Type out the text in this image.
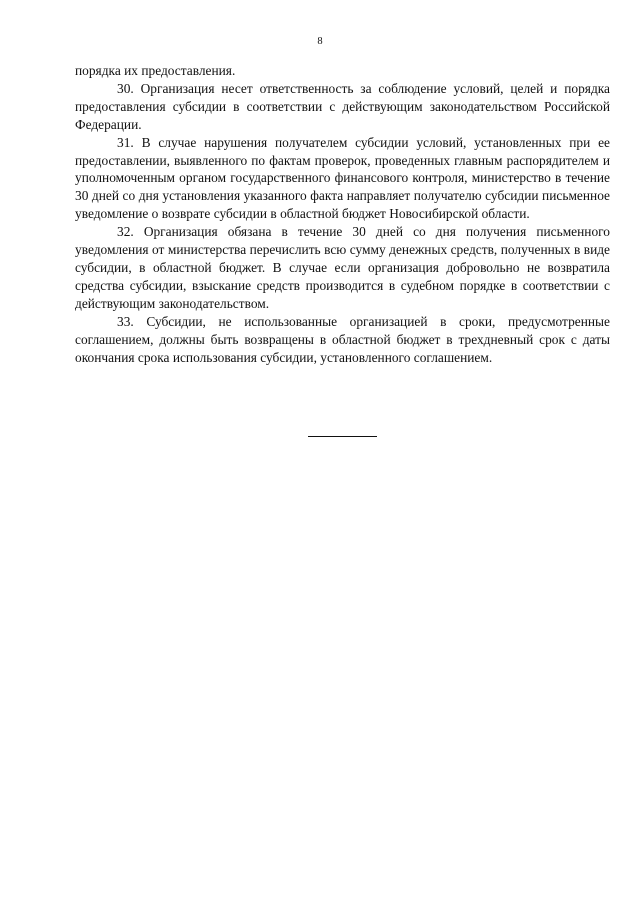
8

порядка их предоставления.

30. Организация несет ответственность за соблюдение условий, целей и порядка предоставления субсидии в соответствии с действующим законодательством Российской Федерации.

31. В случае нарушения получателем субсидии условий, установленных при ее предоставлении, выявленного по фактам проверок, проведенных главным распорядителем и уполномоченным органом государственного финансового контроля, министерство в течение 30 дней со дня установления указанного факта направляет получателю субсидии письменное уведомление о возврате субсидии в областной бюджет Новосибирской области.

32. Организация обязана в течение 30 дней со дня получения письменного уведомления от министерства перечислить всю сумму денежных средств, полученных в виде субсидии, в областной бюджет. В случае если организация добровольно не возвратила средства субсидии, взыскание средств производится в судебном порядке в соответствии с действующим законодательством.

33. Субсидии, не использованные организацией в сроки, предусмотренные соглашением, должны быть возвращены в областной бюджет в трехдневный срок с даты окончания срока использования субсидии, установленного соглашением.
